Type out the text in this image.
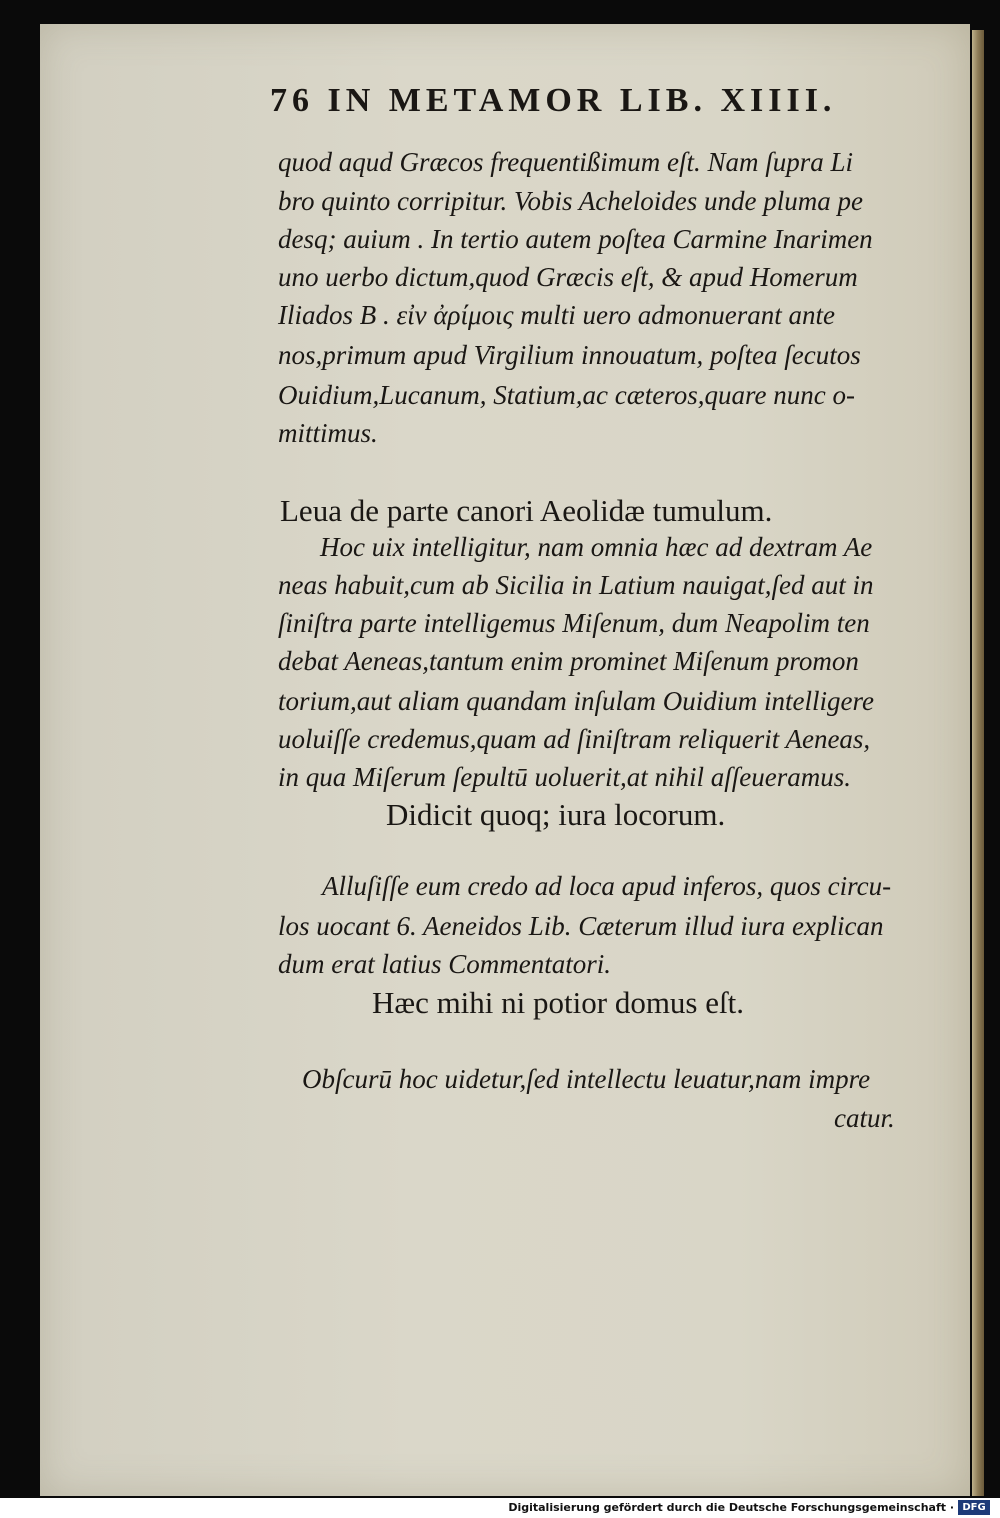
76 IN METAMOR LIB. XIIII.
quod aqud Græcos frequentißimum eſt. Nam ſupra Li
bro quinto corripitur. Vobis Acheloides unde pluma pe
desq; auium . In tertio autem poſtea Carmine Inarimen
uno uerbo dictum,quod Græcis eſt, & apud Homerum
Iliados B . εἰν ἀρίμοις multi uero admonuerant ante
nos,primum apud Virgilium innouatum, poſtea ſecutos
Ouidium,Lucanum, Statium,ac cæteros,quare nunc o-
mittimus.
Leua de parte canori Aeolidæ tumulum.
Hoc uix intelligitur, nam omnia hæc ad dextram Ae
neas habuit,cum ab Sicilia in Latium nauigat,ſed aut in
ſiniſtra parte intelligemus Miſenum, dum Neapolim ten
debat Aeneas,tantum enim prominet Miſenum promon
torium,aut aliam quandam inſulam Ouidium intelligere
uoluiſſe credemus,quam ad ſiniſtram reliquerit Aeneas,
in qua Miſerum ſepultū uoluerit,at nihil aſſeueramus.
Didicit quoq; iura locorum.
Alluſiſſe eum credo ad loca apud inferos, quos circu-
los uocant 6. Aeneidos Lib. Cæterum illud iura explican
dum erat latius Commentatori.
Hæc mihi ni potior domus eſt.
Obſcurū hoc uidetur,ſed intellectu leuatur,nam impre
catur.
Digitalisierung gefördert durch die Deutsche Forschungsgemeinschaft · DFG
